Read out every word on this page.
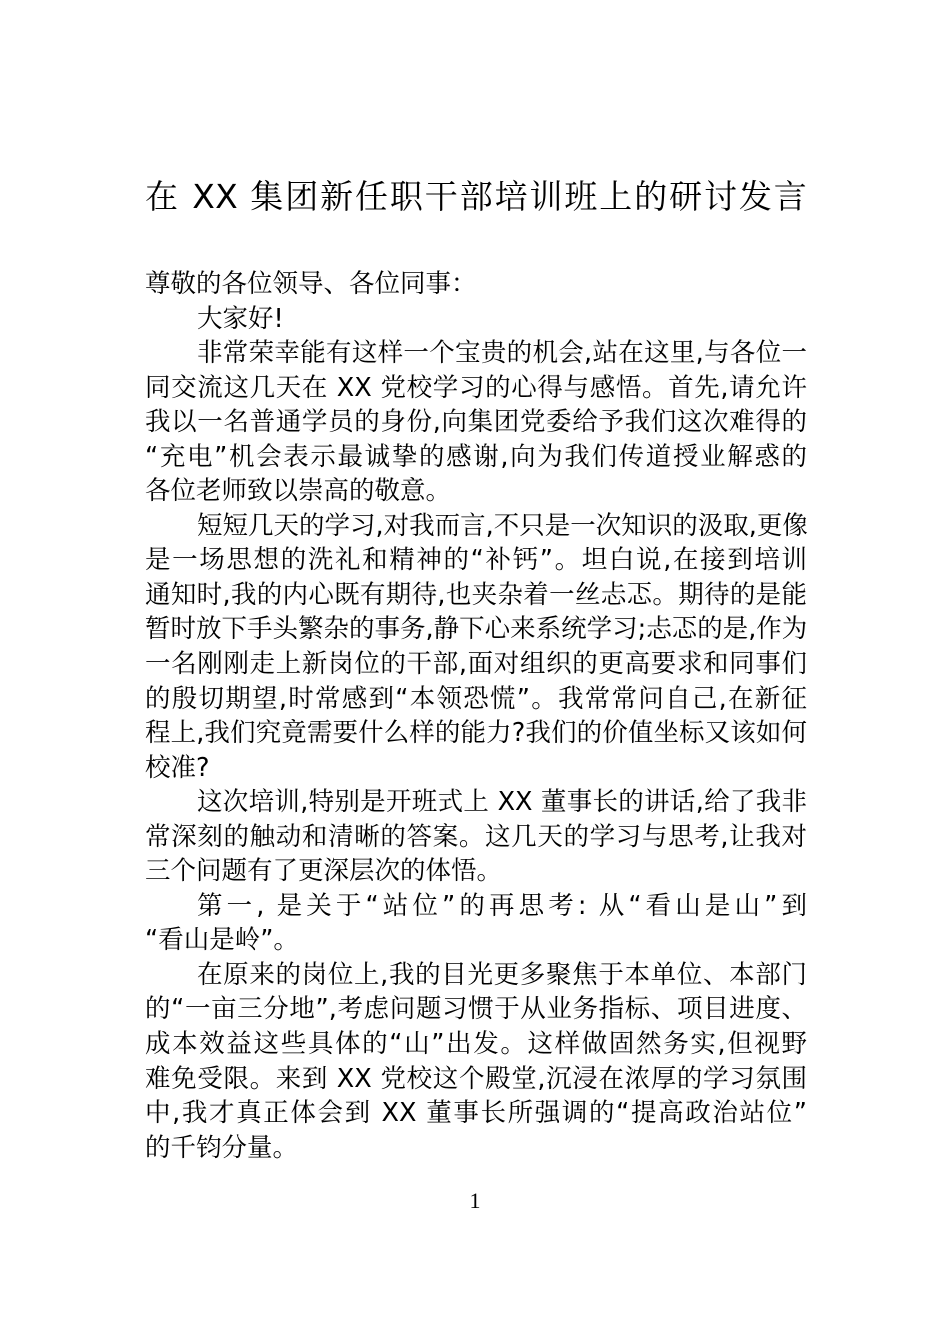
在 XX 集团新任职干部培训班上的研讨发言
尊敬的各位领导、各位同事：
大家好!
非常荣幸能有这样一个宝贵的机会,站在这里,与各位一
同交流这几天在 XX 党校学习的心得与感悟。首先,请允许
我以一名普通学员的身份,向集团党委给予我们这次难得的
“充电”机会表示最诚挚的感谢,向为我们传道授业解惑的
各位老师致以崇高的敬意。
短短几天的学习,对我而言,不只是一次知识的汲取,更像
是一场思想的洗礼和精神的“补钙”。坦白说,在接到培训
通知时,我的内心既有期待,也夹杂着一丝忐忑。期待的是能
暂时放下手头繁杂的事务,静下心来系统学习;忐忑的是,作为
一名刚刚走上新岗位的干部,面对组织的更高要求和同事们
的殷切期望,时常感到“本领恐慌”。我常常问自己,在新征
程上,我们究竟需要什么样的能力?我们的价值坐标又该如何
校准?
这次培训,特别是开班式上 XX 董事长的讲话,给了我非
常深刻的触动和清晰的答案。这几天的学习与思考,让我对
三个问题有了更深层次的体悟。
第一, 是关于“站位”的再思考: 从“看山是山”到
“看山是岭”。
在原来的岗位上,我的目光更多聚焦于本单位、本部门
的“一亩三分地”,考虑问题习惯于从业务指标、项目进度、
成本效益这些具体的“山”出发。这样做固然务实,但视野
难免受限。来到 XX 党校这个殿堂,沉浸在浓厚的学习氛围
中,我才真正体会到 XX 董事长所强调的“提高政治站位”
的千钧分量。
1
